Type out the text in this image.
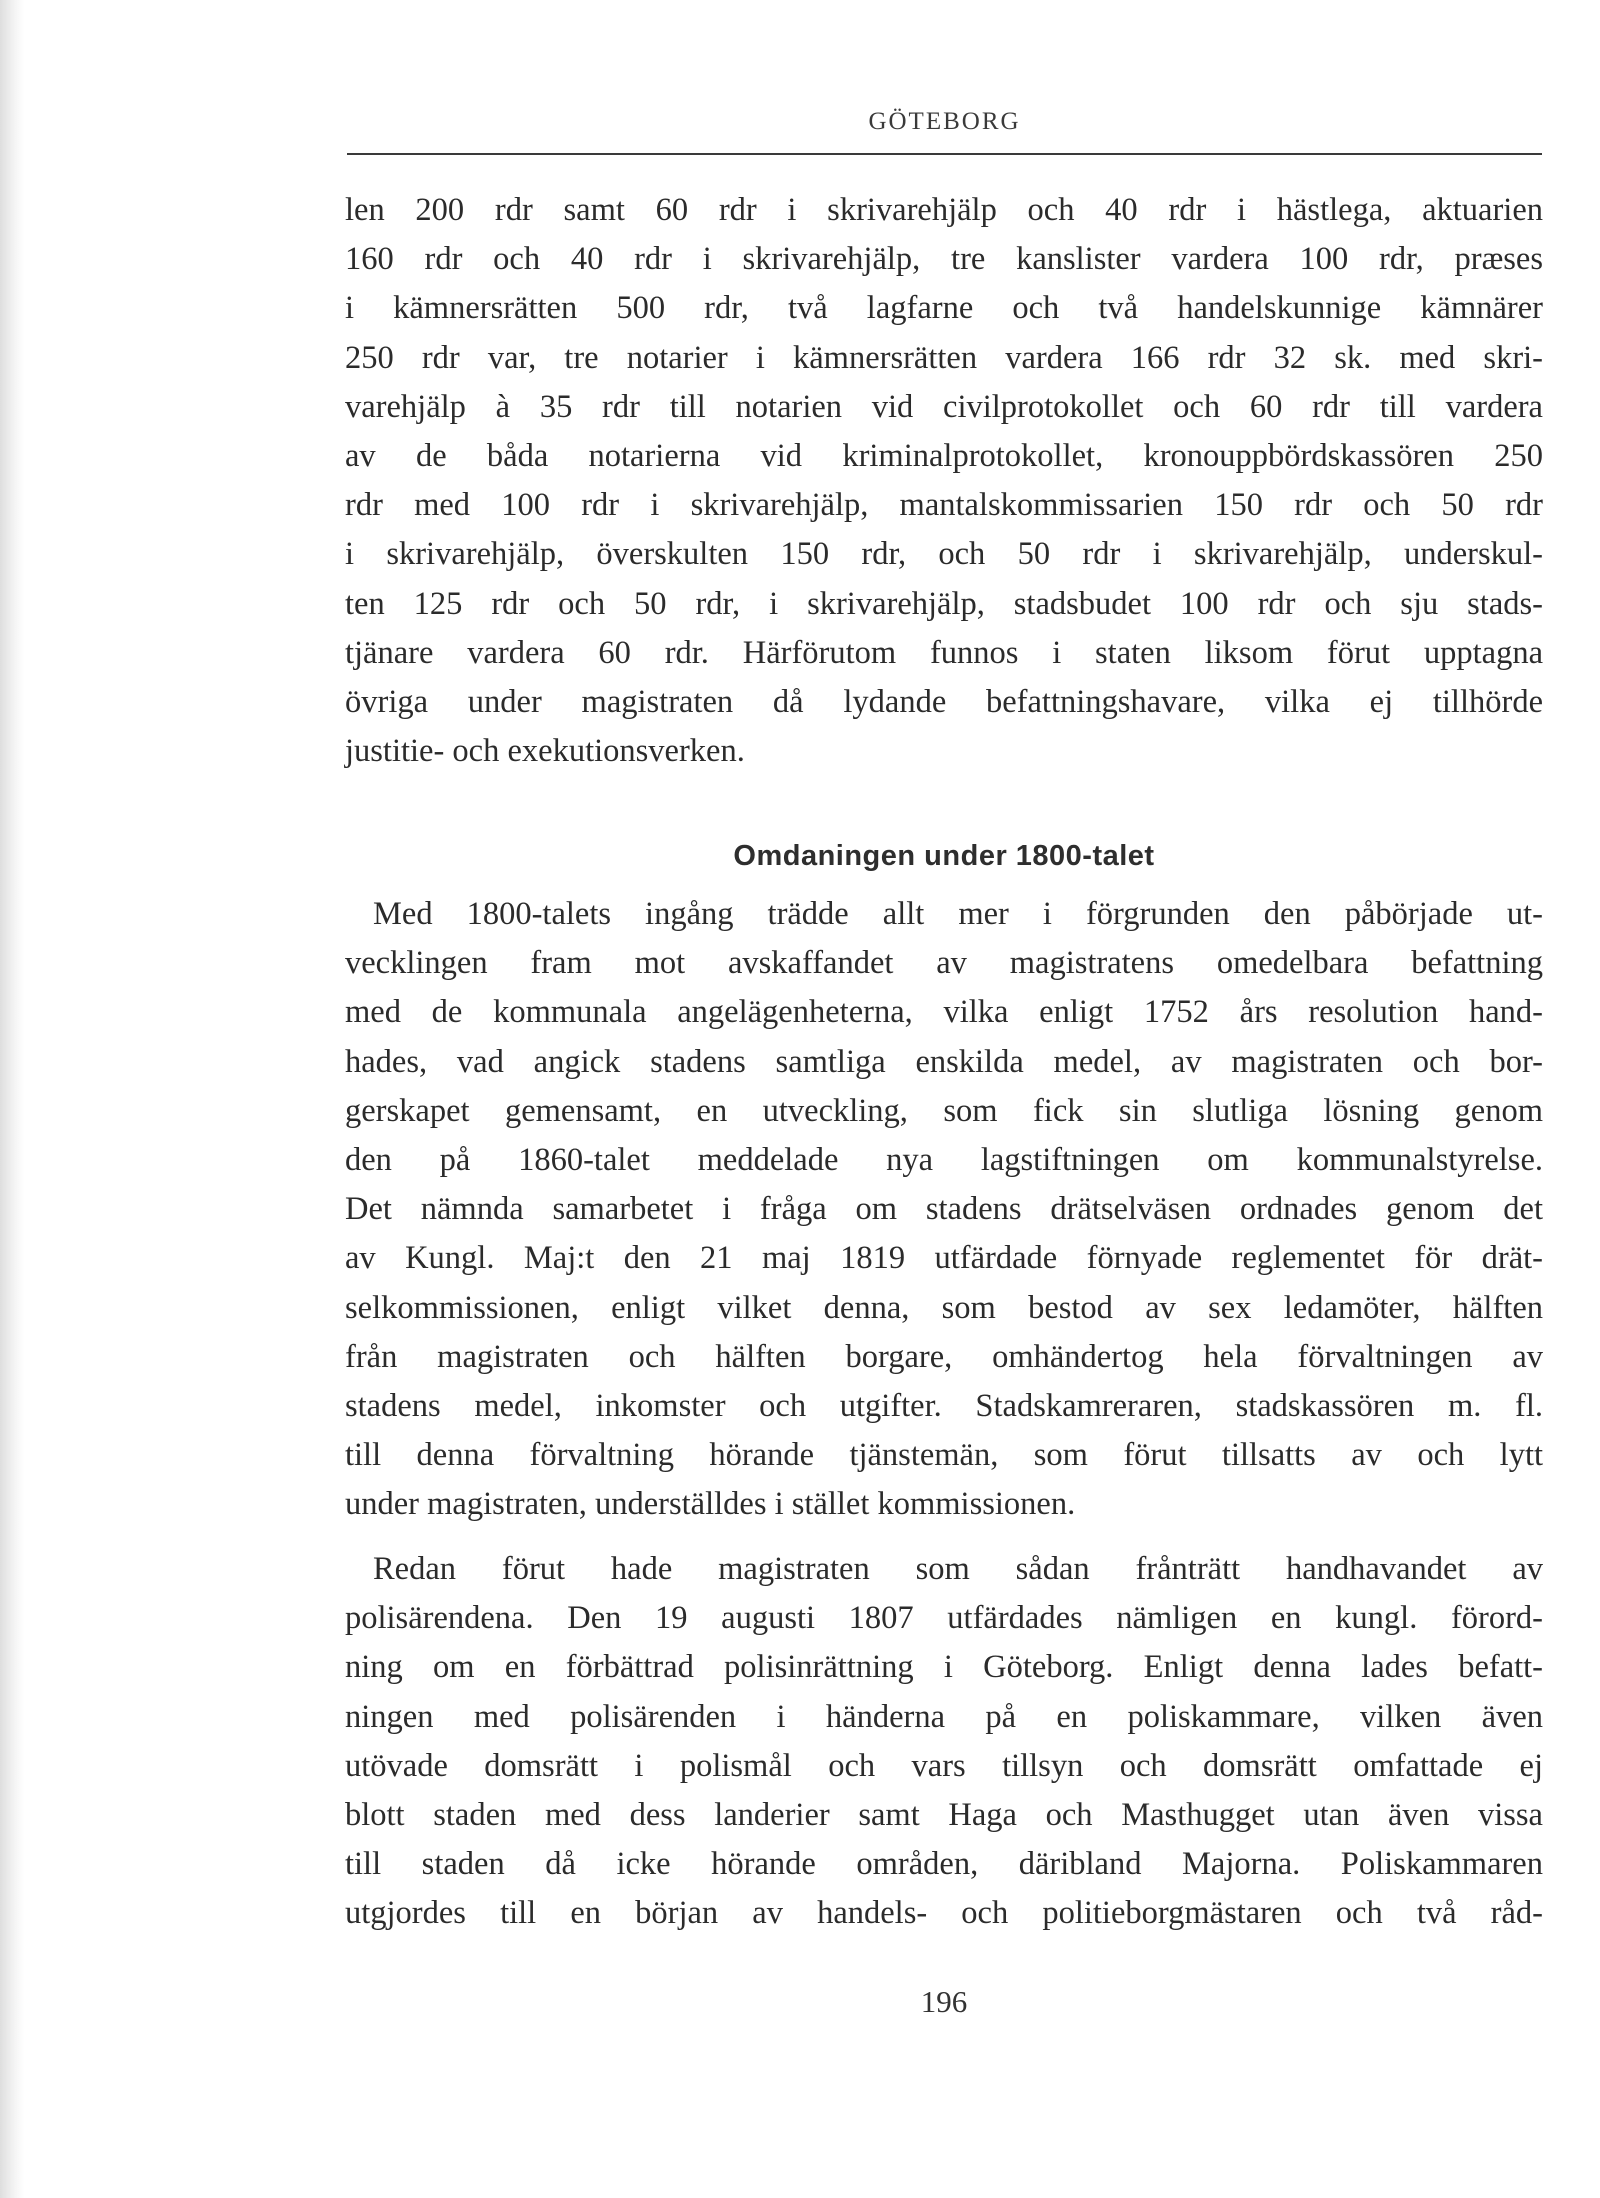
GÖTEBORG
len 200 rdr samt 60 rdr i skrivarehjälp och 40 rdr i hästlega, aktuarien
160 rdr och 40 rdr i skrivarehjälp, tre kanslister vardera 100 rdr, præses
i kämnersrätten 500 rdr, två lagfarne och två handelskunnige kämnärer
250 rdr var, tre notarier i kämnersrätten vardera 166 rdr 32 sk. med skri-
varehjälp à 35 rdr till notarien vid civilprotokollet och 60 rdr till vardera
av de båda notarierna vid kriminalprotokollet, kronouppbördskassören 250
rdr med 100 rdr i skrivarehjälp, mantalskommissarien 150 rdr och 50 rdr
i skrivarehjälp, överskulten 150 rdr, och 50 rdr i skrivarehjälp, underskul-
ten 125 rdr och 50 rdr, i skrivarehjälp, stadsbudet 100 rdr och sju stads-
tjänare vardera 60 rdr. Härförutom funnos i staten liksom förut upptagna
övriga under magistraten då lydande befattningshavare, vilka ej tillhörde
justitie- och exekutionsverken.
Omdaningen under 1800-talet
Med 1800-talets ingång trädde allt mer i förgrunden den påbörjade ut-
vecklingen fram mot avskaffandet av magistratens omedelbara befattning
med de kommunala angelägenheterna, vilka enligt 1752 års resolution hand-
hades, vad angick stadens samtliga enskilda medel, av magistraten och bor-
gerskapet gemensamt, en utveckling, som fick sin slutliga lösning genom
den på 1860-talet meddelade nya lagstiftningen om kommunalstyrelse.
Det nämnda samarbetet i fråga om stadens drätselväsen ordnades genom det
av Kungl. Maj:t den 21 maj 1819 utfärdade förnyade reglementet för drät-
selkommissionen, enligt vilket denna, som bestod av sex ledamöter, hälften
från magistraten och hälften borgare, omhändertog hela förvaltningen av
stadens medel, inkomster och utgifter. Stadskamreraren, stadskassören m. fl.
till denna förvaltning hörande tjänstemän, som förut tillsatts av och lytt
under magistraten, underställdes i stället kommissionen.
Redan förut hade magistraten som sådan frånträtt handhavandet av
polisärendena. Den 19 augusti 1807 utfärdades nämligen en kungl. förord-
ning om en förbättrad polisinrättning i Göteborg. Enligt denna lades befatt-
ningen med polisärenden i händerna på en poliskammare, vilken även
utövade domsrätt i polismål och vars tillsyn och domsrätt omfattade ej
blott staden med dess landerier samt Haga och Masthugget utan även vissa
till staden då icke hörande områden, däribland Majorna. Poliskammaren
utgjordes till en början av handels- och politieborgmästaren och två råd-
196
